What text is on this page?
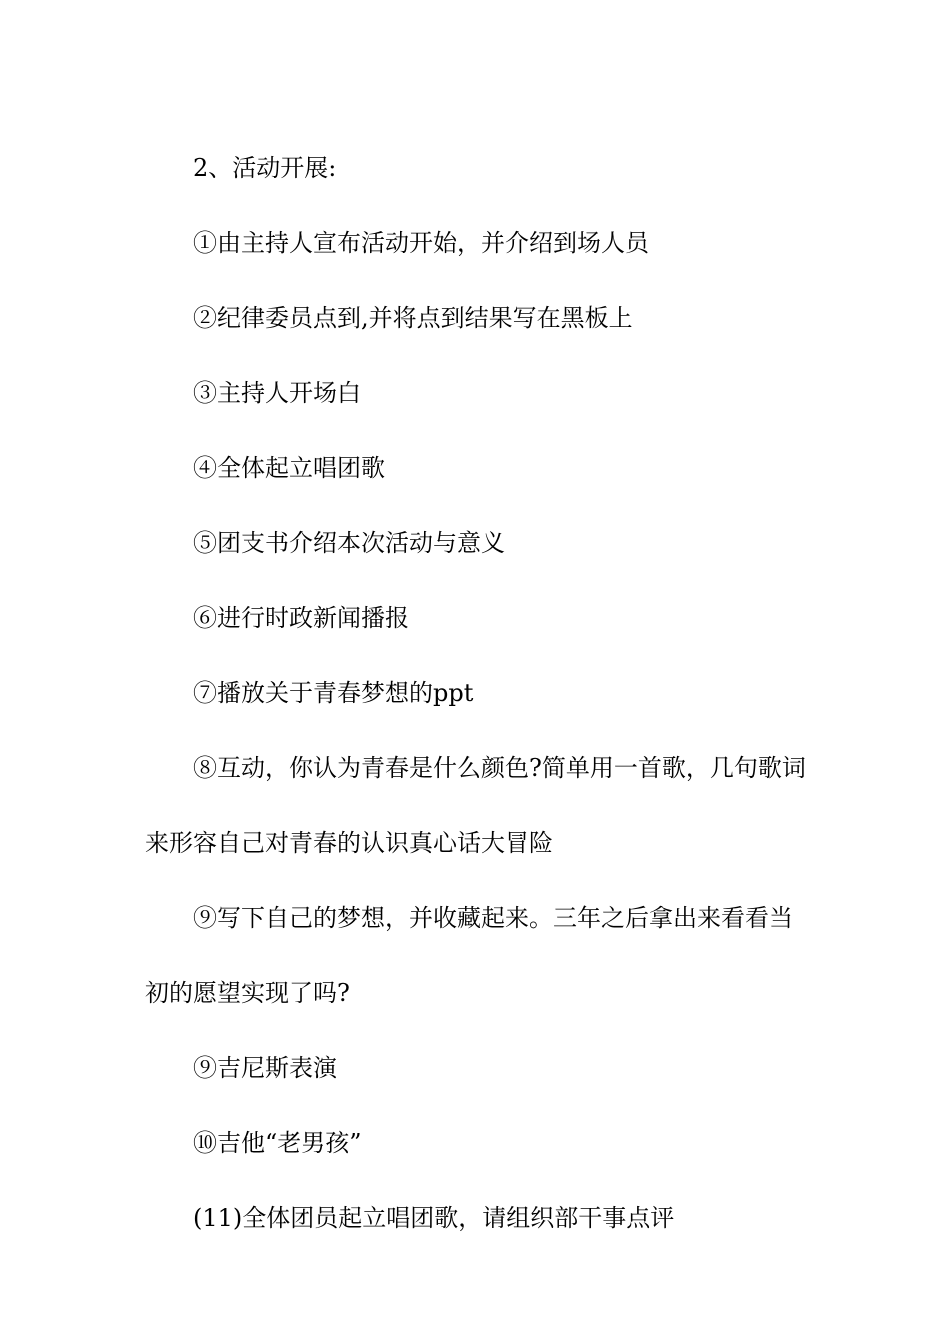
2、活动开展:

①由主持人宣布活动开始，并介绍到场人员

②纪律委员点到,并将点到结果写在黑板上

③主持人开场白

④全体起立唱团歌

⑤团支书介绍本次活动与意义

⑥进行时政新闻播报

⑦播放关于青春梦想的ppt

⑧互动，你认为青春是什么颜色?简单用一首歌，几句歌词来形容自己对青春的认识真心话大冒险

⑨写下自己的梦想，并收藏起来。三年之后拿出来看看当初的愿望实现了吗?

⑨吉尼斯表演

⑩吉他“老男孩”

(11)全体团员起立唱团歌，请组织部干事点评
